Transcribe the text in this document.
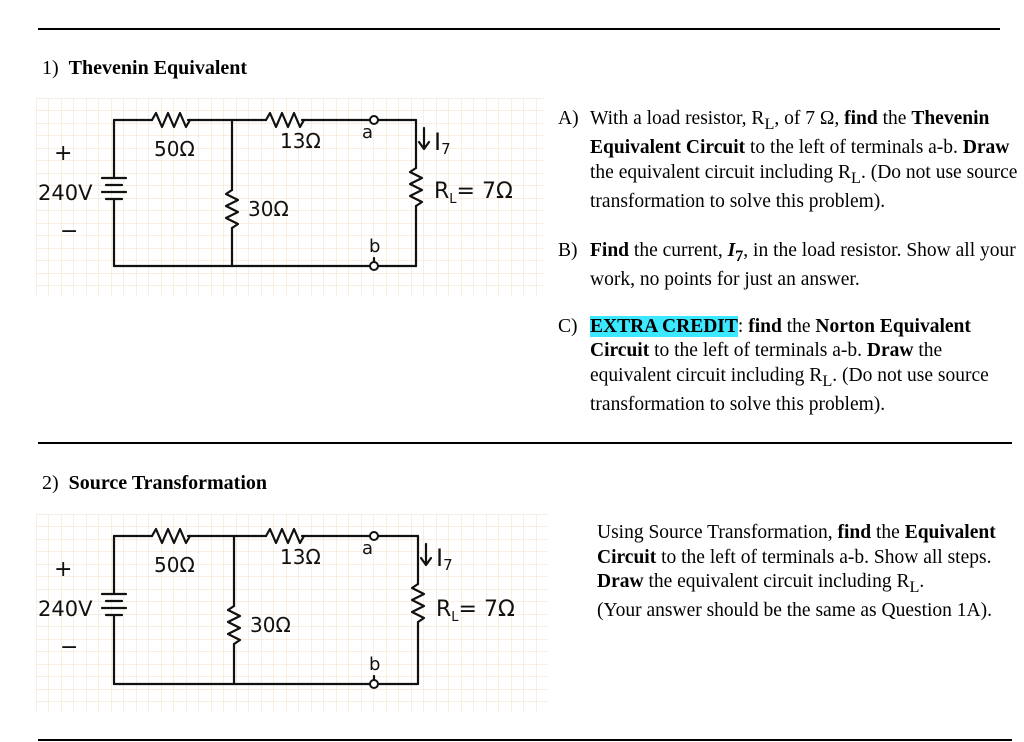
1) Thevenin Equivalent
+
240V
−
50Ω	13Ω
30Ω
a
b
I7
$R_L= 7\Omega$
A) With a load resistor, $R_L$, of 7 Ω, find the Thevenin Equivalent Circuit to the left of terminals a-b. Draw the equivalent circuit including $R_L$. (Do not use source transformation to solve this problem).
B) Find the current, $I_7$, in the load resistor. Show all your work, no points for just an answer.
C) EXTRA CREDIT: find the Norton Equivalent Circuit to the left of terminals a-b. Draw the equivalent circuit including $R_L$. (Do not use source transformation to solve this problem).
2) Source Transformation
+
240V
−
50Ω	13Ω
30Ω
a
b
I7
$R_L= 7\Omega$
Using Source Transformation, find the Equivalent Circuit to the left of terminals a-b. Show all steps. Draw the equivalent circuit including $R_L$.
(Your answer should be the same as Question 1A).
